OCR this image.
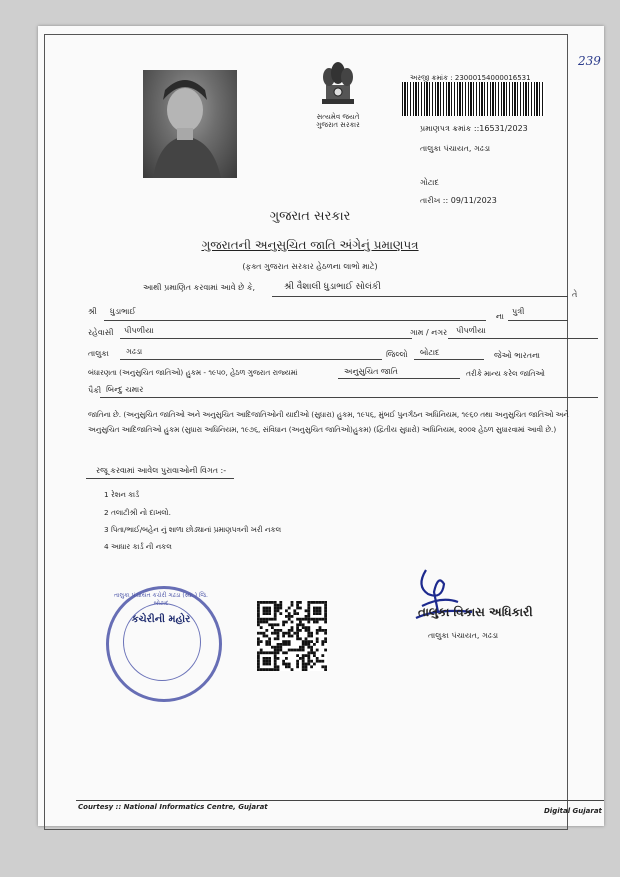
239
સત્યમેવ જયતે
ગુજરાત સરકાર
અરજી ક્રમાંક : 23000154000016531
પ્રમાણપત્ર ક્રમાંક ::16531/2023
તાલુકા પંચાયત, ગઢડા
ગોટાદ
તારીખ :: 09/11/2023
ગુજરાત સરકાર
ગુજરાતની અનુસુચિત જાતિ અંગેનું પ્રમાણપત્ર
(ફક્ત ગુજરાત સરકાર હેઠળના લાભો માટે)
આથી પ્રમાણિત કરવામાં આવે છે કે,	શ્રી વૈશાલી ધુડાભાઈ સોલંકી
તે
શ્રી ધુડાભાઈ
ના
પુત્રી
રહેવાસી પીપળીયા	ગામ / નગર પીપળીયા
તાલુકા ગઢડા	જિલ્લો બોટાદ	જેઓ ભારતના
બંધારણતા (અનુસુચિત જાતિઓ) હુકમ - ૧૯૫૦, હેઠળ ગુજરાત રાજ્યમાં	અનુસુચિત જાતિ	તરીકે માન્ય કરેલ જાતિઓ
પૈકી બિન્દુ ચમાર
જાતિના છે. (અનુસુચિત જાતિઓ અને અનુસુચિત આદિજાતિઓની યાદીઓ (સુધારા) હુકમ, ૧૯૫૬, મુંબઈ પુનર્ગઠન અધિનિયમ, ૧૯૬૦ તથા અનુસુચિત જાતિઓ અને અનુસુચિત આદિજાતિઓ હુકમ (સુધારા અધિનિયમ, ૧૯૭૬, સંવિધાન (અનુસુચિત જાતિઓ)હુકમ) (દ્વિતીય સુધારો) અધિનિયમ, ૨૦૦૨ હેઠળ સુધારવામાં આવી છે.)
રજૂ કરવામાં આવેલ પુરાવાઓની વિગત :-
1 રેશન કાર્ડ
2 તલાટીશ્રી નો દાખલો.
3 પિતા/ભાઈ/બહેન નું શાળા છોડ્યાનાં પ્રમાણપત્રની ખરી નકલ
4 આધાર કાર્ડ ની નકલ
તાલુકા પંચાયત કચેરી ગઢડા (સ્વા.) જિ. બોટાદ
કચેરીની મહોર
તાલુકા વિકાસ અધિકારી
તાલુકા પંચાયત, ગઢડા
Courtesy :: National Informatics Centre, Gujarat	Digital Gujarat
